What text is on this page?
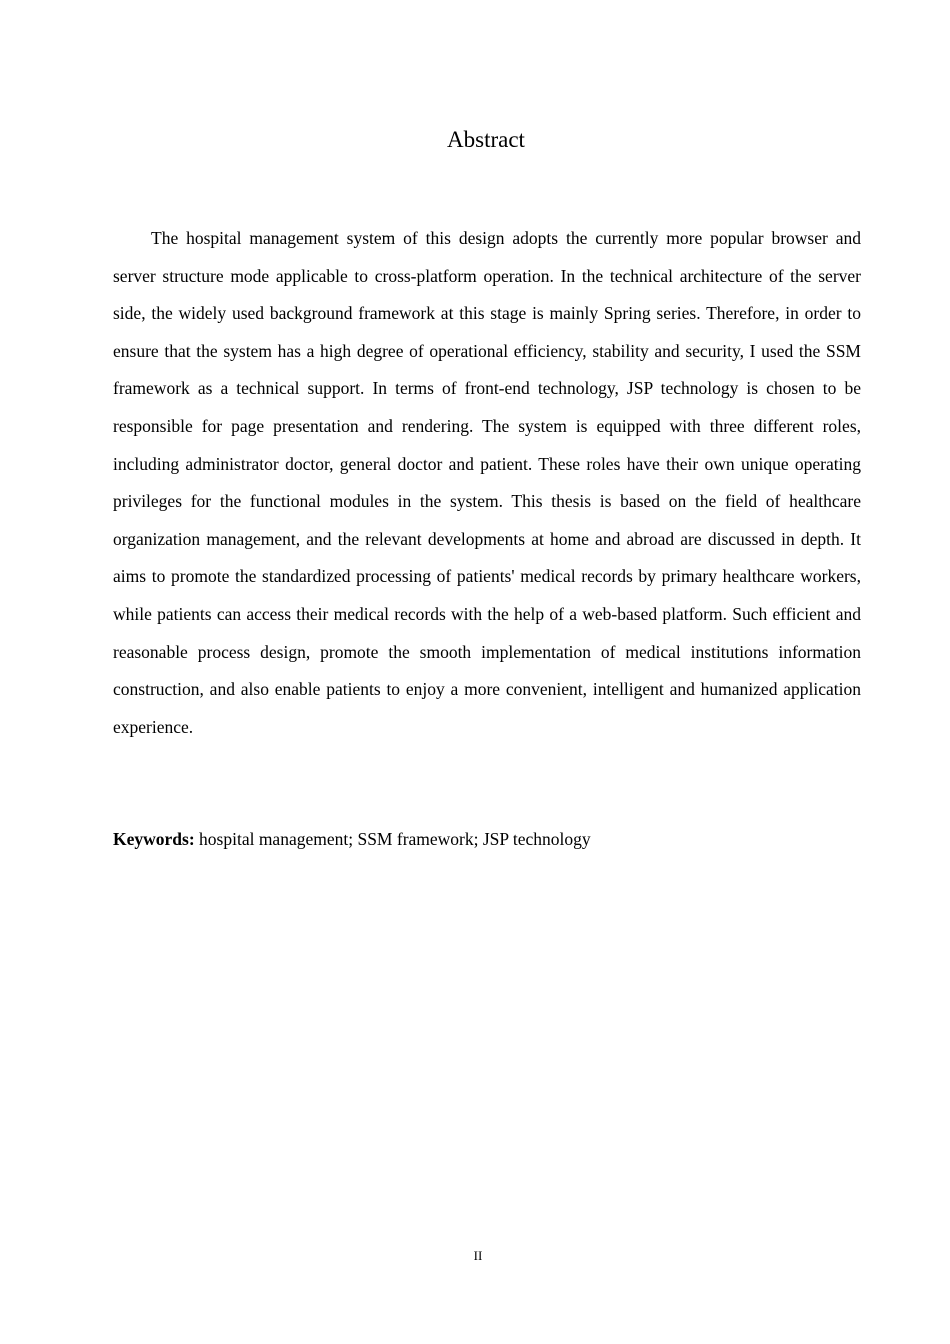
Abstract

The hospital management system of this design adopts the currently more popular browser and server structure mode applicable to cross-platform operation. In the technical architecture of the server side, the widely used background framework at this stage is mainly Spring series. Therefore, in order to ensure that the system has a high degree of operational efficiency, stability and security, I used the SSM framework as a technical support. In terms of front-end technology, JSP technology is chosen to be responsible for page presentation and rendering. The system is equipped with three different roles, including administrator doctor, general doctor and patient. These roles have their own unique operating privileges for the functional modules in the system. This thesis is based on the field of healthcare organization management, and the relevant developments at home and abroad are discussed in depth. It aims to promote the standardized processing of patients' medical records by primary healthcare workers, while patients can access their medical records with the help of a web-based platform. Such efficient and reasonable process design, promote the smooth implementation of medical institutions information construction, and also enable patients to enjoy a more convenient, intelligent and humanized application experience.

Keywords: hospital management; SSM framework; JSP technology

II
